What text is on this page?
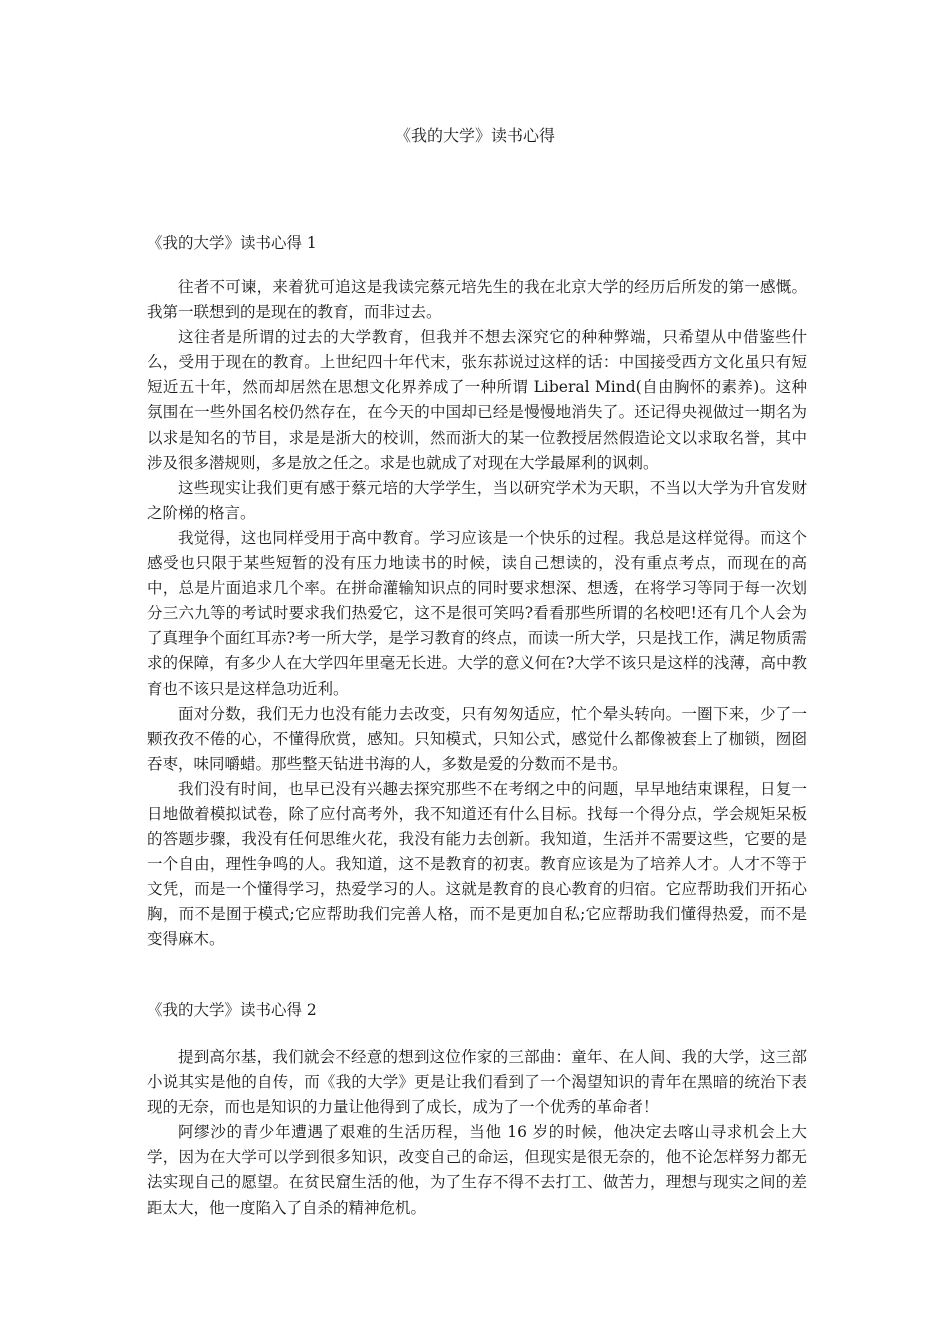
《我的大学》读书心得
《我的大学》读书心得 1

往者不可谏，来着犹可追这是我读完蔡元培先生的我在北京大学的经历后所发的第一感慨。我第一联想到的是现在的教育，而非过去。

这往者是所谓的过去的大学教育，但我并不想去深究它的种种弊端，只希望从中借鉴些什么，受用于现在的教育。上世纪四十年代末，张东荪说过这样的话：中国接受西方文化虽只有短短近五十年，然而却居然在思想文化界养成了一种所谓 Liberal Mind(自由胸怀的素养)。这种氛围在一些外国名校仍然存在，在今天的中国却已经是慢慢地消失了。还记得央视做过一期名为以求是知名的节目，求是是浙大的校训，然而浙大的某一位教授居然假造论文以求取名誉，其中涉及很多潜规则，多是放之任之。求是也就成了对现在大学最犀利的讽刺。

这些现实让我们更有感于蔡元培的大学学生，当以研究学术为天职，不当以大学为升官发财之阶梯的格言。

我觉得，这也同样受用于高中教育。学习应该是一个快乐的过程。我总是这样觉得。而这个感受也只限于某些短暂的没有压力地读书的时候，读自己想读的，没有重点考点，而现在的高中，总是片面追求几个率。在拼命灌输知识点的同时要求想深、想透，在将学习等同于每一次划分三六九等的考试时要求我们热爱它，这不是很可笑吗?看看那些所谓的名校吧!还有几个人会为了真理争个面红耳赤?考一所大学，是学习教育的终点，而读一所大学，只是找工作，满足物质需求的保障，有多少人在大学四年里毫无长进。大学的意义何在?大学不该只是这样的浅薄，高中教育也不该只是这样急功近利。

面对分数，我们无力也没有能力去改变，只有匆匆适应，忙个晕头转向。一圈下来，少了一颗孜孜不倦的心，不懂得欣赏，感知。只知模式，只知公式，感觉什么都像被套上了枷锁，囫囵吞枣，味同嚼蜡。那些整天钻进书海的人，多数是爱的分数而不是书。

我们没有时间，也早已没有兴趣去探究那些不在考纲之中的问题，早早地结束课程，日复一日地做着模拟试卷，除了应付高考外，我不知道还有什么目标。找每一个得分点，学会规矩呆板的答题步骤，我没有任何思维火花，我没有能力去创新。我知道，生活并不需要这些，它要的是一个自由，理性争鸣的人。我知道，这不是教育的初衷。教育应该是为了培养人才。人才不等于文凭，而是一个懂得学习，热爱学习的人。这就是教育的良心教育的归宿。它应帮助我们开拓心胸，而不是囿于模式;它应帮助我们完善人格，而不是更加自私;它应帮助我们懂得热爱，而不是变得麻木。

《我的大学》读书心得 2

提到高尔基，我们就会不经意的想到这位作家的三部曲：童年、在人间、我的大学，这三部小说其实是他的自传，而《我的大学》更是让我们看到了一个渴望知识的青年在黑暗的统治下表现的无奈，而也是知识的力量让他得到了成长，成为了一个优秀的革命者！

阿缪沙的青少年遭遇了艰难的生活历程，当他 16 岁的时候，他决定去喀山寻求机会上大学，因为在大学可以学到很多知识，改变自己的命运，但现实是很无奈的，他不论怎样努力都无法实现自己的愿望。在贫民窟生活的他，为了生存不得不去打工、做苦力，理想与现实之间的差距太大，他一度陷入了自杀的精神危机。
